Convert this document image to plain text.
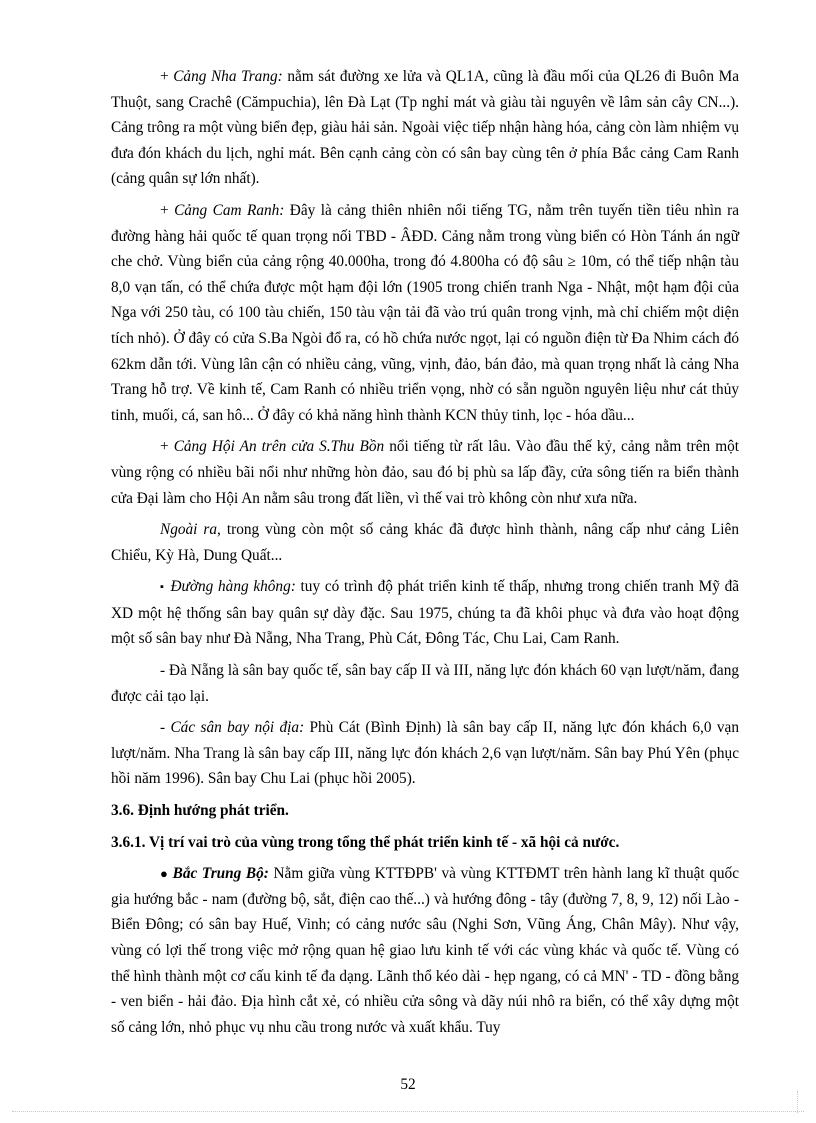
+ Cảng Nha Trang: nằm sát đường xe lửa và QL1A, cũng là đầu mối của QL26 đi Buôn Ma Thuột, sang Crachê (Cămpuchia), lên Đà Lạt (Tp nghỉ mát và giàu tài nguyên về lâm sản cây CN...). Cảng trông ra một vùng biển đẹp, giàu hải sản. Ngoài việc tiếp nhận hàng hóa, cảng còn làm nhiệm vụ đưa đón khách du lịch, nghỉ mát. Bên cạnh cảng còn có sân bay cùng tên ở phía Bắc cảng Cam Ranh (cảng quân sự lớn nhất).

+ Cảng Cam Ranh: Đây là cảng thiên nhiên nổi tiếng TG, nằm trên tuyến tiền tiêu nhìn ra đường hàng hải quốc tế quan trọng nối TBD - ÂĐD. Cảng nằm trong vùng biển có Hòn Tánh án ngữ che chở. Vùng biển của cảng rộng 40.000ha, trong đó 4.800ha có độ sâu ≥ 10m, có thể tiếp nhận tàu 8,0 vạn tấn, có thể chứa được một hạm đội lớn (1905 trong chiến tranh Nga - Nhật, một hạm đội của Nga với 250 tàu, có 100 tàu chiến, 150 tàu vận tải đã vào trú quân trong vịnh, mà chỉ chiếm một diện tích nhỏ). Ở đây có cửa S.Ba Ngòi đổ ra, có hồ chứa nước ngọt, lại có nguồn điện từ Đa Nhim cách đó 62km dẫn tới. Vùng lân cận có nhiều cảng, vũng, vịnh, đảo, bán đảo, mà quan trọng nhất là cảng Nha Trang hỗ trợ. Về kinh tế, Cam Ranh có nhiều triển vọng, nhờ có sẵn nguồn nguyên liệu như cát thủy tinh, muối, cá, san hô... Ở đây có khả năng hình thành KCN thủy tinh, lọc - hóa dầu...

+ Cảng Hội An trên cửa S.Thu Bồn nổi tiếng từ rất lâu. Vào đầu thế kỷ, cảng nằm trên một vùng rộng có nhiều bãi nổi như những hòn đảo, sau đó bị phù sa lấp đầy, cửa sông tiến ra biển thành cửa Đại làm cho Hội An nằm sâu trong đất liền, vì thế vai trò không còn như xưa nữa.

Ngoài ra, trong vùng còn một số cảng khác đã được hình thành, nâng cấp như cảng Liên Chiểu, Kỳ Hà, Dung Quất...

▪ Đường hàng không: tuy có trình độ phát triển kinh tế thấp, nhưng trong chiến tranh Mỹ đã XD một hệ thống sân bay quân sự dày đặc. Sau 1975, chúng ta đã khôi phục và đưa vào hoạt động một số sân bay như Đà Nẵng, Nha Trang, Phù Cát, Đông Tác, Chu Lai, Cam Ranh.

- Đà Nẵng là sân bay quốc tế, sân bay cấp II và III, năng lực đón khách 60 vạn lượt/năm, đang được cải tạo lại.

- Các sân bay nội địa: Phù Cát (Bình Định) là sân bay cấp II, năng lực đón khách 6,0 vạn lượt/năm. Nha Trang là sân bay cấp III, năng lực đón khách 2,6 vạn lượt/năm. Sân bay Phú Yên (phục hồi năm 1996). Sân bay Chu Lai (phục hồi 2005).

3.6. Định hướng phát triển.
3.6.1. Vị trí vai trò của vùng trong tổng thể phát triển kinh tế - xã hội cả nước.

● Bắc Trung Bộ: Nằm giữa vùng KTTĐPB' và vùng KTTĐMT trên hành lang kĩ thuật quốc gia hướng bắc - nam (đường bộ, sắt, điện cao thế...) và hướng đông - tây (đường 7, 8, 9, 12) nối Lào - Biển Đông; có sân bay Huế, Vinh; có cảng nước sâu (Nghi Sơn, Vũng Áng, Chân Mây). Như vậy, vùng có lợi thế trong việc mở rộng quan hệ giao lưu kinh tế với các vùng khác và quốc tế. Vùng có thể hình thành một cơ cấu kinh tế đa dạng. Lãnh thổ kéo dài - hẹp ngang, có cả MN' - TD - đồng bằng - ven biển - hải đảo. Địa hình cắt xẻ, có nhiều cửa sông và dãy núi nhô ra biển, có thể xây dựng một số cảng lớn, nhỏ phục vụ nhu cầu trong nước và xuất khẩu. Tuy

52
